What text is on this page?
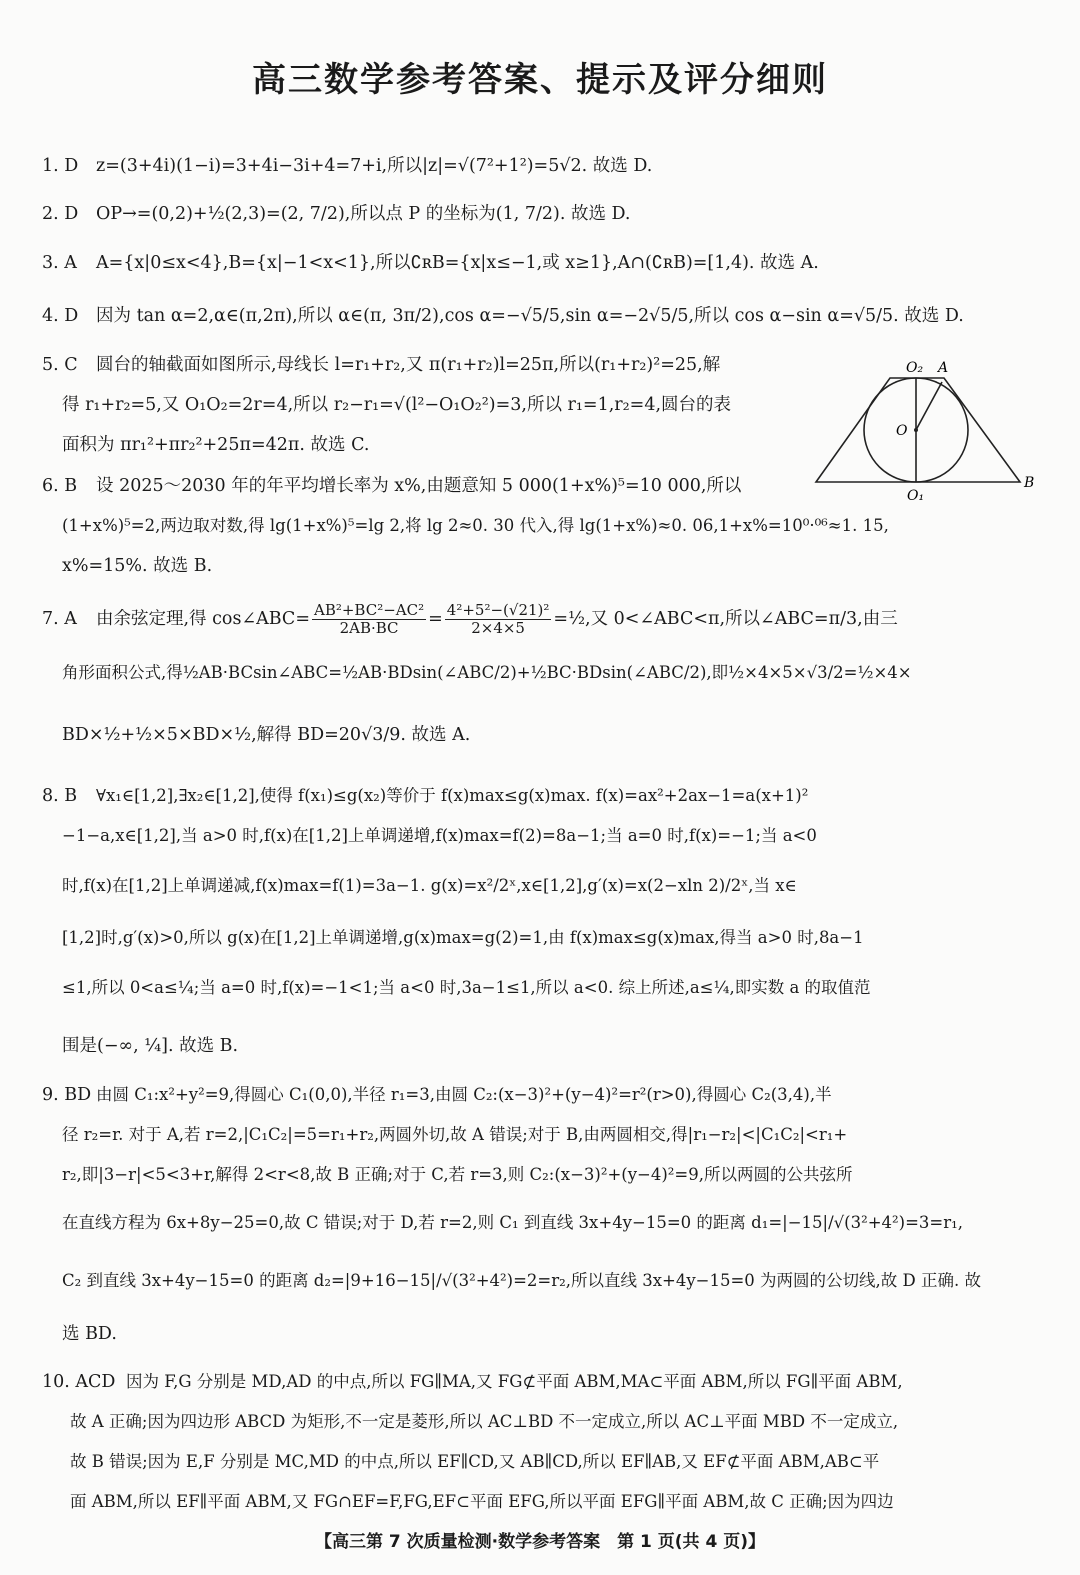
高三数学参考答案、提示及评分细则
1. D z=(3+4i)(1−i)=3+4i−3i+4=7+i,所以|z|=√(7²+1²)=5√2. 故选 D.
2. D OP→=(0,2)+½(2,3)=(2, 7/2),所以点 P 的坐标为(1, 7/2). 故选 D.
3. A A={x|0≤x<4},B={x|−1<x<1},所以∁ʀB={x|x≤−1,或 x≥1},A∩(∁ʀB)=[1,4). 故选 A.
4. D 因为 tan α=2,α∈(π,2π),所以 α∈(π, 3π/2),cos α=−√5/5,sin α=−2√5/5,所以 cos α−sin α=√5/5. 故选 D.
5. C 圆台的轴截面如图所示,母线长 l=r₁+r₂,又 π(r₁+r₂)l=25π,所以(r₁+r₂)²=25,解
得 r₁+r₂=5,又 O₁O₂=2r=4,所以 r₂−r₁=√(l²−O₁O₂²)=3,所以 r₁=1,r₂=4,圆台的表
面积为 πr₁²+πr₂²+25π=42π. 故选 C.
O₂ A
O
O₁
B
6. B 设 2025～2030 年的年平均增长率为 x%,由题意知 5 000(1+x%)⁵=10 000,所以
(1+x%)⁵=2,两边取对数,得 lg(1+x%)⁵=lg 2,将 lg 2≈0. 30 代入,得 lg(1+x%)≈0. 06,1+x%=10⁰·⁰⁶≈1. 15,
x%=15%. 故选 B.
7. A 由余弦定理,得 cos∠ABC= $\frac{\text{AB²+BC²−AC²}}{2AB\cdot BC} = \frac{\text{4²+5²−(√21)²}}{2\times 4\times 5}$ =½,又 0<∠ABC<π,所以∠ABC=π/3,由三
角形面积公式,得½AB·BCsin∠ABC=½AB·BDsin(∠ABC/2)+½BC·BDsin(∠ABC/2),即½×4×5×√3/2=½×4×
BD×½+½×5×BD×½,解得 BD=20√3/9. 故选 A.
8. B ∀x₁∈[1,2],∃x₂∈[1,2],使得 f(x₁)≤g(x₂)等价于 f(x)max≤g(x)max. f(x)=ax²+2ax−1=a(x+1)²
−1−a,x∈[1,2],当 a>0 时,f(x)在[1,2]上单调递增,f(x)max=f(2)=8a−1;当 a=0 时,f(x)=−1;当 a<0
时,f(x)在[1,2]上单调递减,f(x)max=f(1)=3a−1. g(x)=x²/2ˣ,x∈[1,2],g′(x)=x(2−xln 2)/2ˣ,当 x∈
[1,2]时,g′(x)>0,所以 g(x)在[1,2]上单调递增,g(x)max=g(2)=1,由 f(x)max≤g(x)max,得当 a>0 时,8a−1
≤1,所以 0<a≤¼;当 a=0 时,f(x)=−1<1;当 a<0 时,3a−1≤1,所以 a<0. 综上所述,a≤¼,即实数 a 的取值范
围是(−∞, ¼]. 故选 B.
9. BD 由圆 C₁:x²+y²=9,得圆心 C₁(0,0),半径 r₁=3,由圆 C₂:(x−3)²+(y−4)²=r²(r>0),得圆心 C₂(3,4),半
径 r₂=r. 对于 A,若 r=2,|C₁C₂|=5=r₁+r₂,两圆外切,故 A 错误;对于 B,由两圆相交,得|r₁−r₂|<|C₁C₂|<r₁+
r₂,即|3−r|<5<3+r,解得 2<r<8,故 B 正确;对于 C,若 r=3,则 C₂:(x−3)²+(y−4)²=9,所以两圆的公共弦所
在直线方程为 6x+8y−25=0,故 C 错误;对于 D,若 r=2,则 C₁ 到直线 3x+4y−15=0 的距离 d₁=|−15|/√(3²+4²)=3=r₁,
C₂ 到直线 3x+4y−15=0 的距离 d₂=|9+16−15|/√(3²+4²)=2=r₂,所以直线 3x+4y−15=0 为两圆的公切线,故 D 正确. 故
选 BD.
10. ACD 因为 F,G 分别是 MD,AD 的中点,所以 FG∥MA,又 FG⊄平面 ABM,MA⊂平面 ABM,所以 FG∥平面 ABM,
故 A 正确;因为四边形 ABCD 为矩形,不一定是菱形,所以 AC⊥BD 不一定成立,所以 AC⊥平面 MBD 不一定成立,
故 B 错误;因为 E,F 分别是 MC,MD 的中点,所以 EF∥CD,又 AB∥CD,所以 EF∥AB,又 EF⊄平面 ABM,AB⊂平
面 ABM,所以 EF∥平面 ABM,又 FG∩EF=F,FG,EF⊂平面 EFG,所以平面 EFG∥平面 ABM,故 C 正确;因为四边
【高三第 7 次质量检测·数学参考答案　第 1 页(共 4 页)】
